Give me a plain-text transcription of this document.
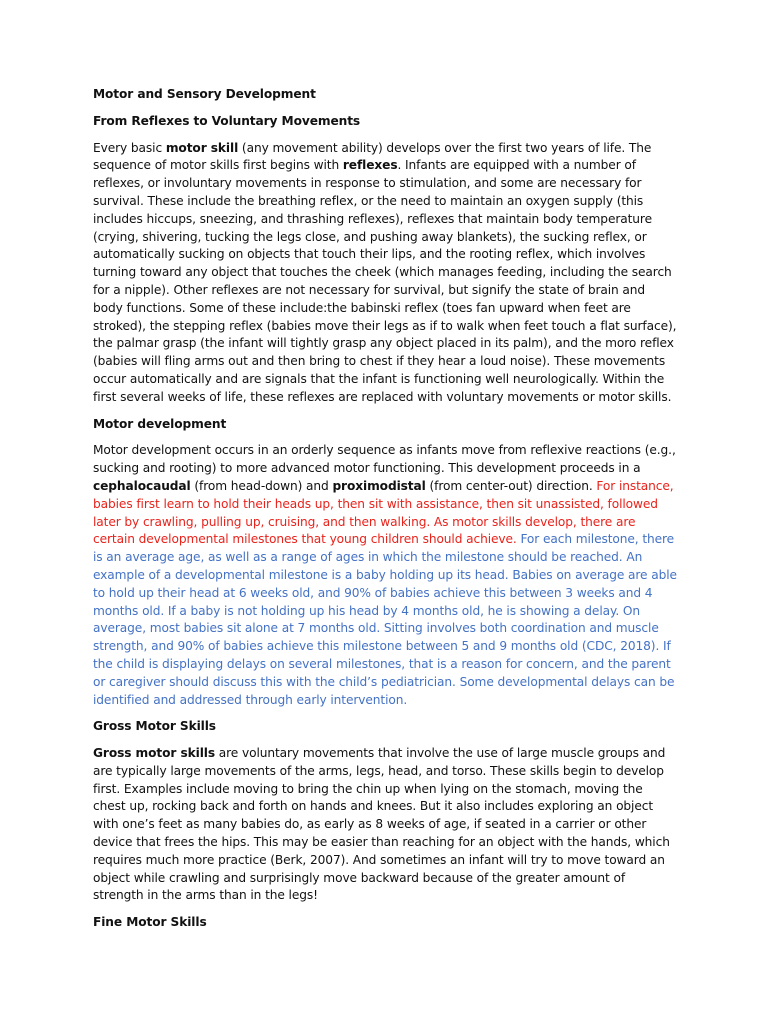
Motor and Sensory Development

From Reflexes to Voluntary Movements

Every basic motor skill (any movement ability) develops over the first two years of life. The sequence of motor skills first begins with reflexes. Infants are equipped with a number of reflexes, or involuntary movements in response to stimulation, and some are necessary for survival. These include the breathing reflex, or the need to maintain an oxygen supply (this includes hiccups, sneezing, and thrashing reflexes), reflexes that maintain body temperature (crying, shivering, tucking the legs close, and pushing away blankets), the sucking reflex, or automatically sucking on objects that touch their lips, and the rooting reflex, which involves turning toward any object that touches the cheek (which manages feeding, including the search for a nipple). Other reflexes are not necessary for survival, but signify the state of brain and body functions. Some of these include:the babinski reflex (toes fan upward when feet are stroked), the stepping reflex (babies move their legs as if to walk when feet touch a flat surface), the palmar grasp (the infant will tightly grasp any object placed in its palm), and the moro reflex (babies will fling arms out and then bring to chest if they hear a loud noise). These movements occur automatically and are signals that the infant is functioning well neurologically. Within the first several weeks of life, these reflexes are replaced with voluntary movements or motor skills.

Motor development

Motor development occurs in an orderly sequence as infants move from reflexive reactions (e.g., sucking and rooting) to more advanced motor functioning. This development proceeds in a cephalocaudal (from head-down) and proximodistal (from center-out) direction. For instance, babies first learn to hold their heads up, then sit with assistance, then sit unassisted, followed later by crawling, pulling up, cruising, and then walking. As motor skills develop, there are certain developmental milestones that young children should achieve. For each milestone, there is an average age, as well as a range of ages in which the milestone should be reached. An example of a developmental milestone is a baby holding up its head. Babies on average are able to hold up their head at 6 weeks old, and 90% of babies achieve this between 3 weeks and 4 months old. If a baby is not holding up his head by 4 months old, he is showing a delay. On average, most babies sit alone at 7 months old. Sitting involves both coordination and muscle strength, and 90% of babies achieve this milestone between 5 and 9 months old (CDC, 2018). If the child is displaying delays on several milestones, that is a reason for concern, and the parent or caregiver should discuss this with the child’s pediatrician. Some developmental delays can be identified and addressed through early intervention.

Gross Motor Skills

Gross motor skills are voluntary movements that involve the use of large muscle groups and are typically large movements of the arms, legs, head, and torso. These skills begin to develop first. Examples include moving to bring the chin up when lying on the stomach, moving the chest up, rocking back and forth on hands and knees. But it also includes exploring an object with one’s feet as many babies do, as early as 8 weeks of age, if seated in a carrier or other device that frees the hips. This may be easier than reaching for an object with the hands, which requires much more practice (Berk, 2007). And sometimes an infant will try to move toward an object while crawling and surprisingly move backward because of the greater amount of strength in the arms than in the legs!

Fine Motor Skills
